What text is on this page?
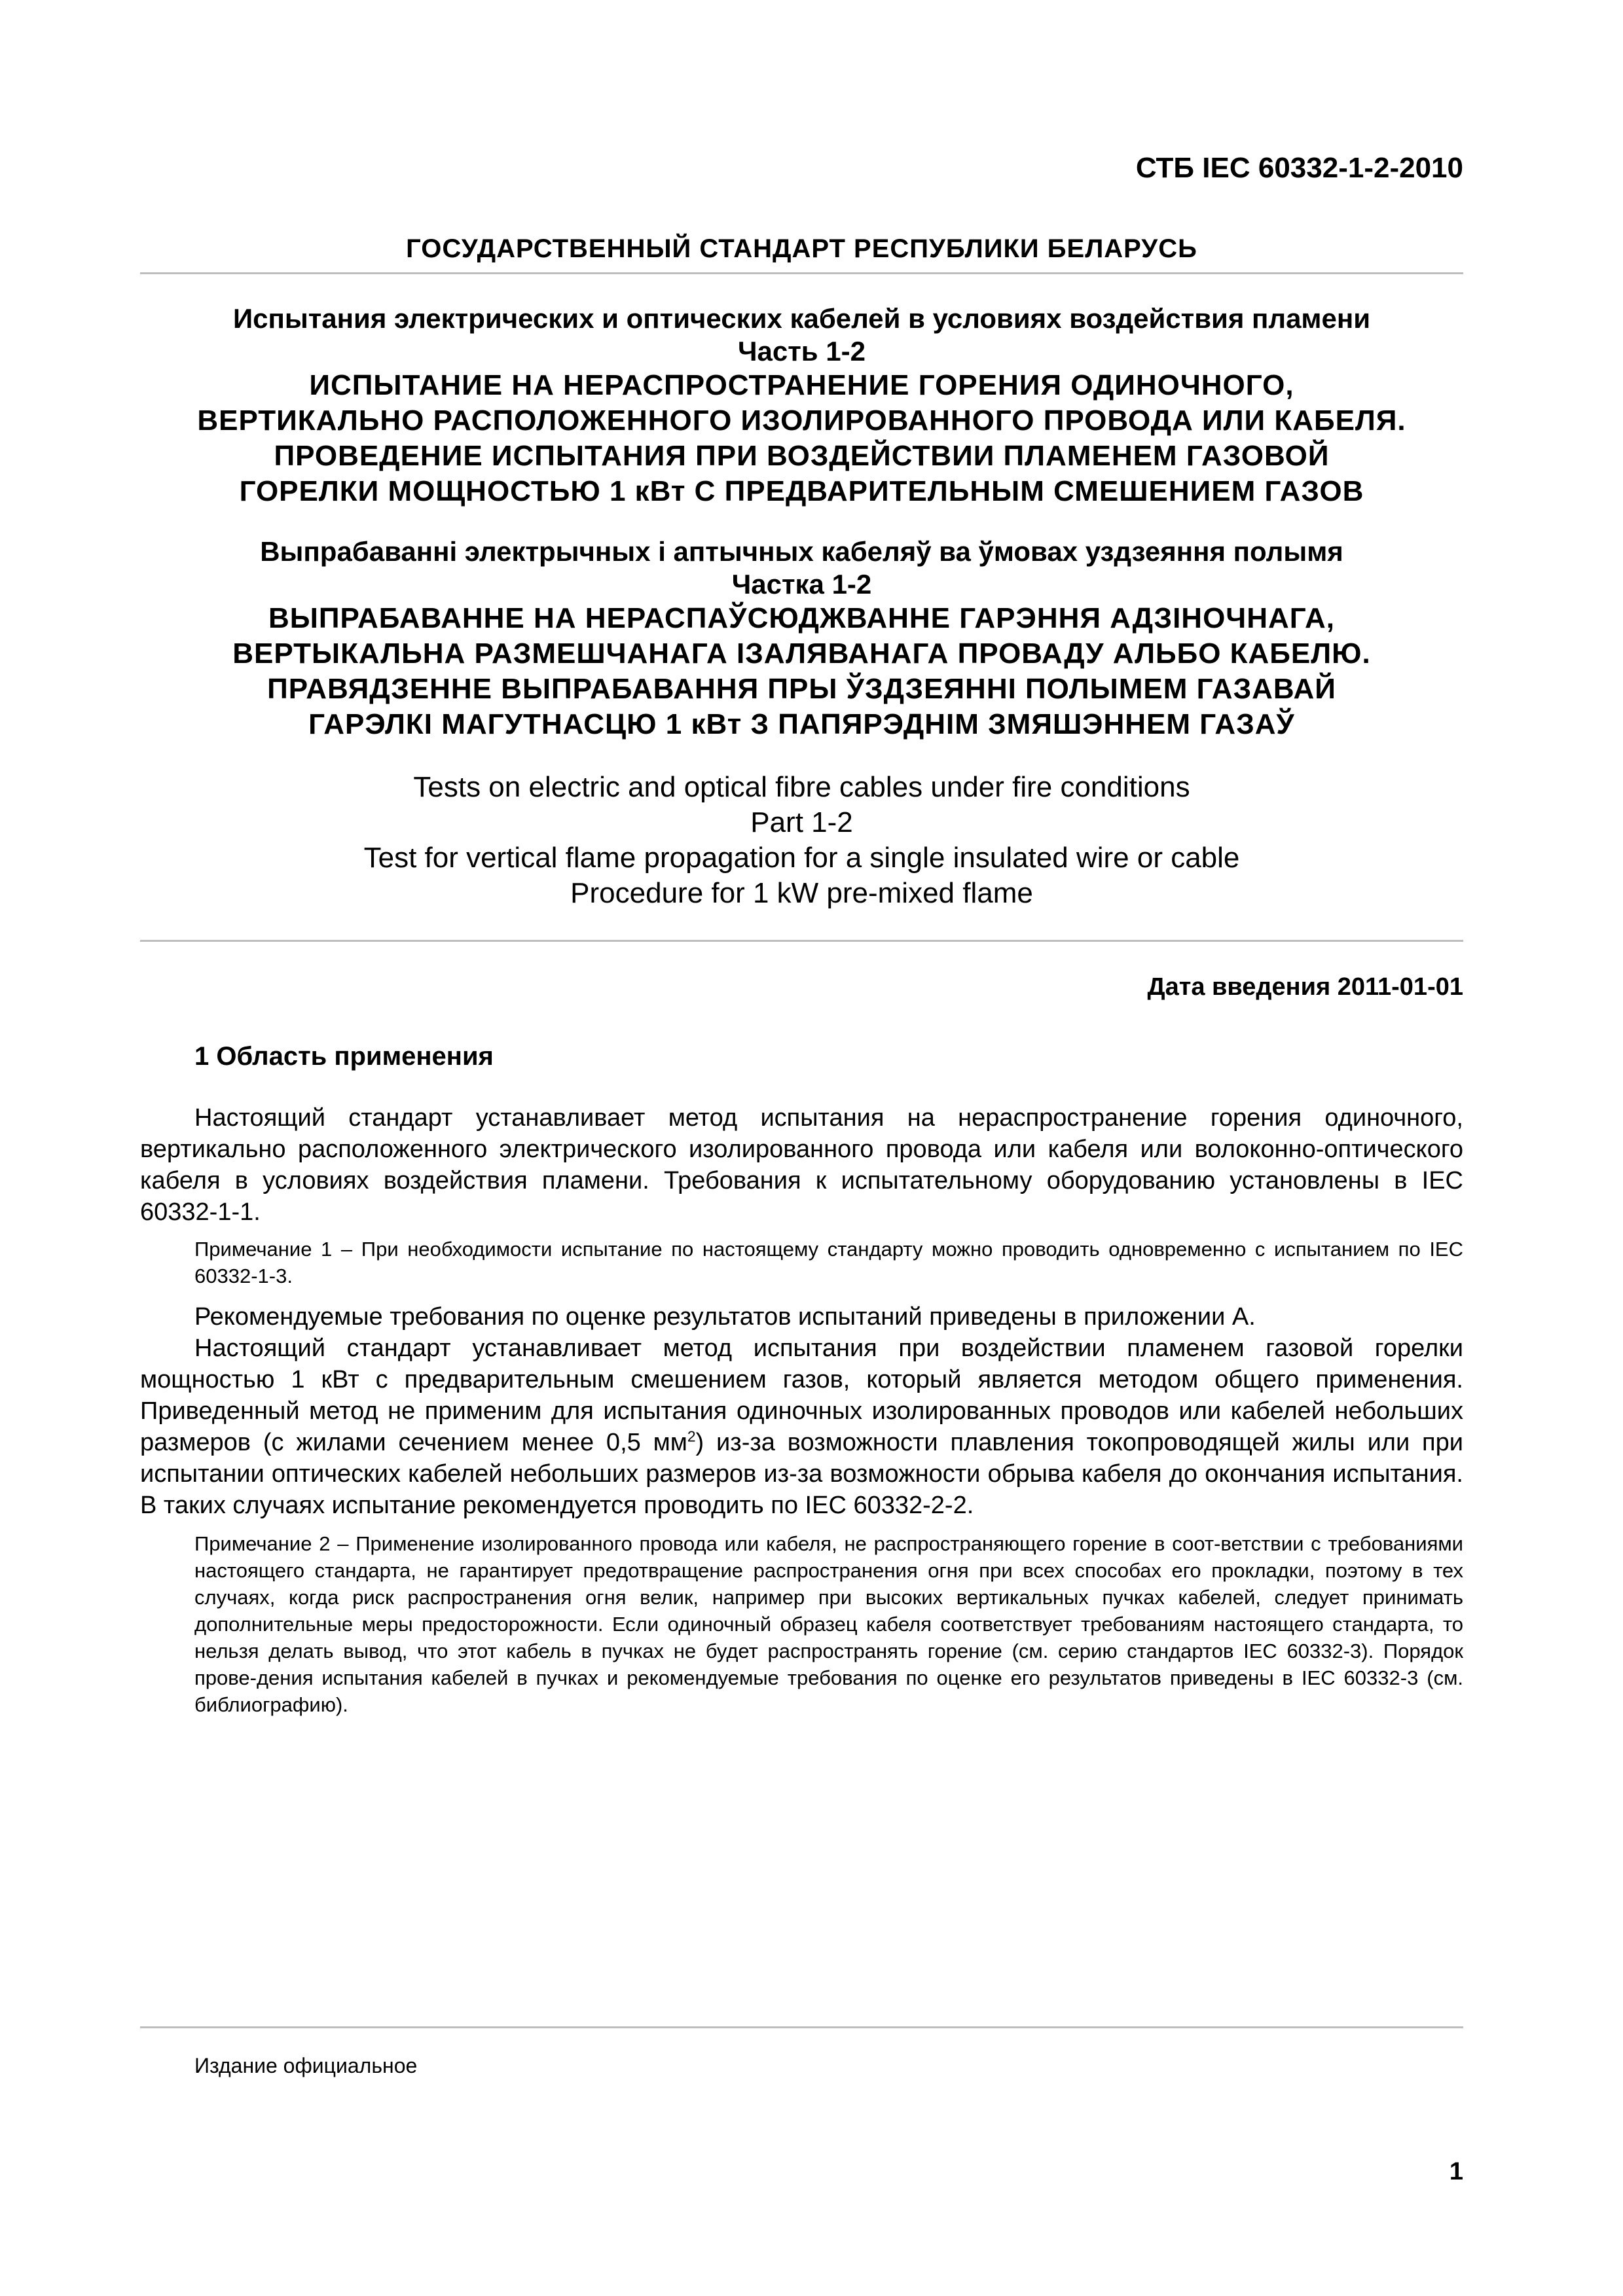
СТБ IEC 60332-1-2-2010
ГОСУДАРСТВЕННЫЙ СТАНДАРТ РЕСПУБЛИКИ БЕЛАРУСЬ
Испытания электрических и оптических кабелей в условиях воздействия пламени
Часть 1-2
ИСПЫТАНИЕ НА НЕРАСПРОСТРАНЕНИЕ ГОРЕНИЯ ОДИНОЧНОГО,
ВЕРТИКАЛЬНО РАСПОЛОЖЕННОГО ИЗОЛИРОВАННОГО ПРОВОДА ИЛИ КАБЕЛЯ.
ПРОВЕДЕНИЕ ИСПЫТАНИЯ ПРИ ВОЗДЕЙСТВИИ ПЛАМЕНЕМ ГАЗОВОЙ
ГОРЕЛКИ МОЩНОСТЬЮ 1 кВт С ПРЕДВАРИТЕЛЬНЫМ СМЕШЕНИЕМ ГАЗОВ
Выпрабаванні электрычных і аптычных кабеляў ва ўмовах уздзеяння полымя
Частка 1-2
ВЫПРАБАВАННЕ НА НЕРАСПАЎСЮДЖВАННЕ ГАРЭННЯ АДЗІНОЧНАГА,
ВЕРТЫКАЛЬНА РАЗМЕШЧАНАГА ІЗАЛЯВАНАГА ПРОВАДУ АЛЬБО КАБЕЛЮ.
ПРАВЯДЗЕННЕ ВЫПРАБАВАННЯ ПРЫ ЎЗДЗЕЯННІ ПОЛЫМЕМ ГАЗАВАЙ
ГАРЭЛКІ МАГУТНАСЦЮ 1 кВт З ПАПЯРЭДНІМ ЗМЯШЭННЕМ ГАЗАЎ
Tests on electric and optical fibre cables under fire conditions
Part 1-2
Test for vertical flame propagation for a single insulated wire or cable
Procedure for 1 kW pre-mixed flame
Дата введения 2011-01-01
1 Область применения
Настоящий стандарт устанавливает метод испытания на нераспространение горения одиночного, вертикально расположенного электрического изолированного провода или кабеля или волоконно-оптического кабеля в условиях воздействия пламени. Требования к испытательному оборудованию установлены в IEC 60332-1-1.
Примечание 1 – При необходимости испытание по настоящему стандарту можно проводить одновременно с испытанием по IEC 60332-1-3.
Рекомендуемые требования по оценке результатов испытаний приведены в приложении А.
Настоящий стандарт устанавливает метод испытания при воздействии пламенем газовой горелки мощностью 1 кВт с предварительным смешением газов, который является методом общего применения. Приведенный метод не применим для испытания одиночных изолированных проводов или кабелей небольших размеров (с жилами сечением менее 0,5 $мм^2$) из-за возможности плавления токопроводящей жилы или при испытании оптических кабелей небольших размеров из-за возможности обрыва кабеля до окончания испытания. В таких случаях испытание рекомендуется проводить по IEC 60332-2-2.
Примечание 2 – Применение изолированного провода или кабеля, не распространяющего горение в соот-ветствии с требованиями настоящего стандарта, не гарантирует предотвращение распространения огня при всех способах его прокладки, поэтому в тех случаях, когда риск распространения огня велик, например при высоких вертикальных пучках кабелей, следует принимать дополнительные меры предосторожности. Если одиночный образец кабеля соответствует требованиям настоящего стандарта, то нельзя делать вывод, что этот кабель в пучках не будет распространять горение (см. серию стандартов IEC 60332-3). Порядок прове-дения испытания кабелей в пучках и рекомендуемые требования по оценке его результатов приведены в IEC 60332-3 (см. библиографию).
Издание официальное
1
